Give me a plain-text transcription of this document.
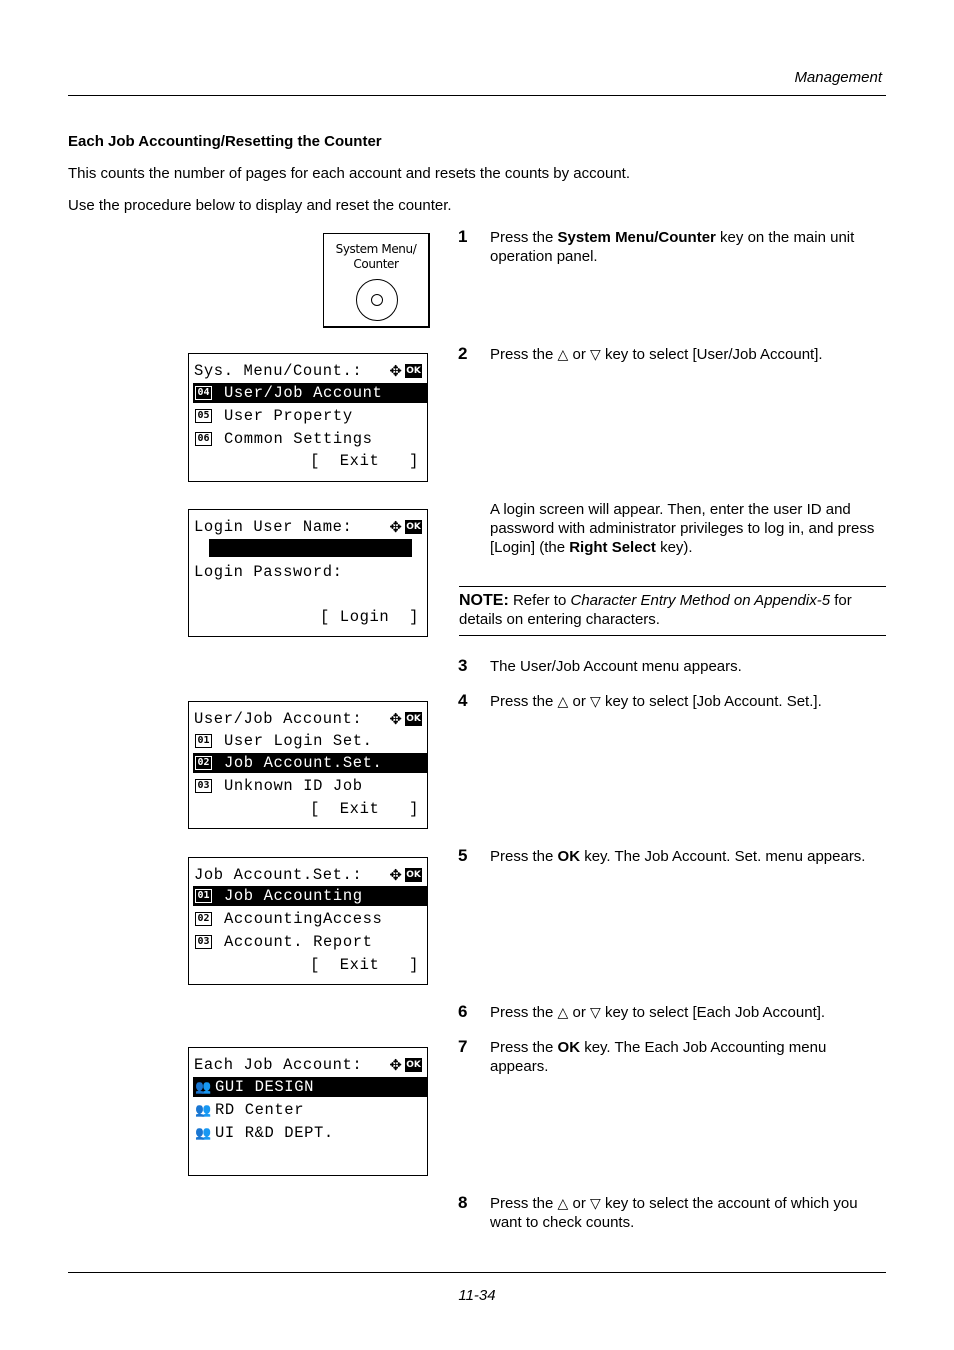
Management
11-34
Each Job Accounting/Resetting the Counter
This counts the number of pages for each account and resets the counts by account.
Use the procedure below to display and reset the counter.
System Menu/
Counter
1 Press the System Menu/Counter key on the main unit operation panel.

Sys. Menu/Count.:

✥

OK

04

User/Job Account

05

User Property

06

Common Settings

[  Exit   ]

2 Press the △ or ▽ key to select [User/Job Account].

Login User Name:

✥

OK

Login Password:

[ Login  ]

A login screen will appear. Then, enter the user ID and password with administrator privileges to log in, and press [Login] (the Right Select key).
NOTE: Refer to Character Entry Method on Appendix-5 for details on entering characters.
3 The User/Job Account menu appears.
4 Press the △ or ▽ key to select [Job Account. Set.].

User/Job Account:

✥

OK

01

User Login Set.

02

Job Account.Set.

03

Unknown ID Job

[  Exit   ]

5 Press the OK key. The Job Account. Set. menu appears.

Job Account.Set.:

✥

OK

01

Job Accounting

02

AccountingAccess

03

Account. Report

[  Exit   ]

6 Press the △ or ▽ key to select [Each Job Account].
7 Press the OK key. The Each Job Accounting menu appears.

Each Job Account:

✥

OK

👥

GUI DESIGN

👥

RD Center

👥

UI R&D DEPT.

8 Press the △ or ▽ key to select the account of which you want to check counts.
